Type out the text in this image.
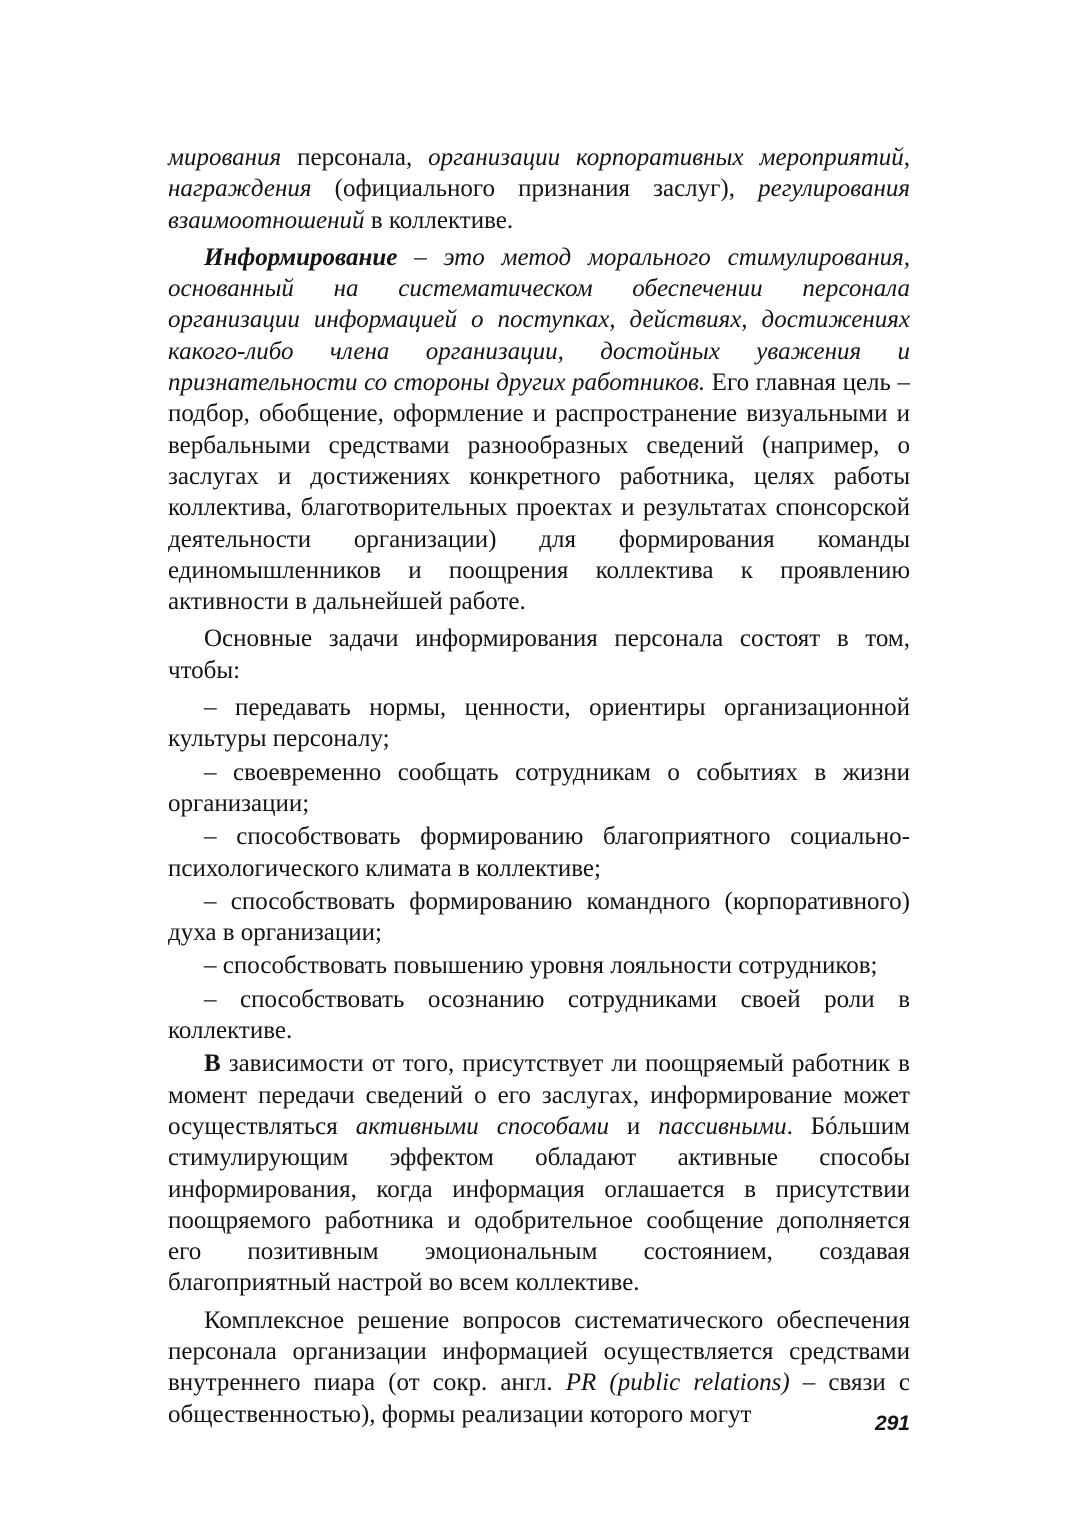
мирования персонала, организации корпоративных мероприятий, награждения (официального признания заслуг), регулирования взаимоотношений в коллективе.
Информирование – это метод морального стимулирования, основанный на систематическом обеспечении персонала организации информацией о поступках, действиях, достижениях какого-либо члена организации, достойных уважения и признательности со стороны других работников. Его главная цель – подбор, обобщение, оформление и распространение визуальными и вербальными средствами разнообразных сведений (например, о заслугах и достижениях конкретного работника, целях работы коллектива, благотворительных проектах и результатах спонсорской деятельности организации) для формирования команды единомышленников и поощрения коллектива к проявлению активности в дальнейшей работе.
Основные задачи информирования персонала состоят в том, чтобы:
– передавать нормы, ценности, ориентиры организационной культуры персоналу;
– своевременно сообщать сотрудникам о событиях в жизни организации;
– способствовать формированию благоприятного социально-психологического климата в коллективе;
– способствовать формированию командного (корпоративного) духа в организации;
– способствовать повышению уровня лояльности сотрудников;
– способствовать осознанию сотрудниками своей роли в коллективе.
В зависимости от того, присутствует ли поощряемый работник в момент передачи сведений о его заслугах, информирование может осуществляться активными способами и пассивными. Бóльшим стимулирующим эффектом обладают активные способы информирования, когда информация оглашается в присутствии поощряемого работника и одобрительное сообщение дополняется его позитивным эмоциональным состоянием, создавая благоприятный настрой во всем коллективе.
Комплексное решение вопросов систематического обеспечения персонала организации информацией осуществляется средствами внутреннего пиара (от сокр. англ. PR (public relations) – связи с общественностью), формы реализации которого могут	291
